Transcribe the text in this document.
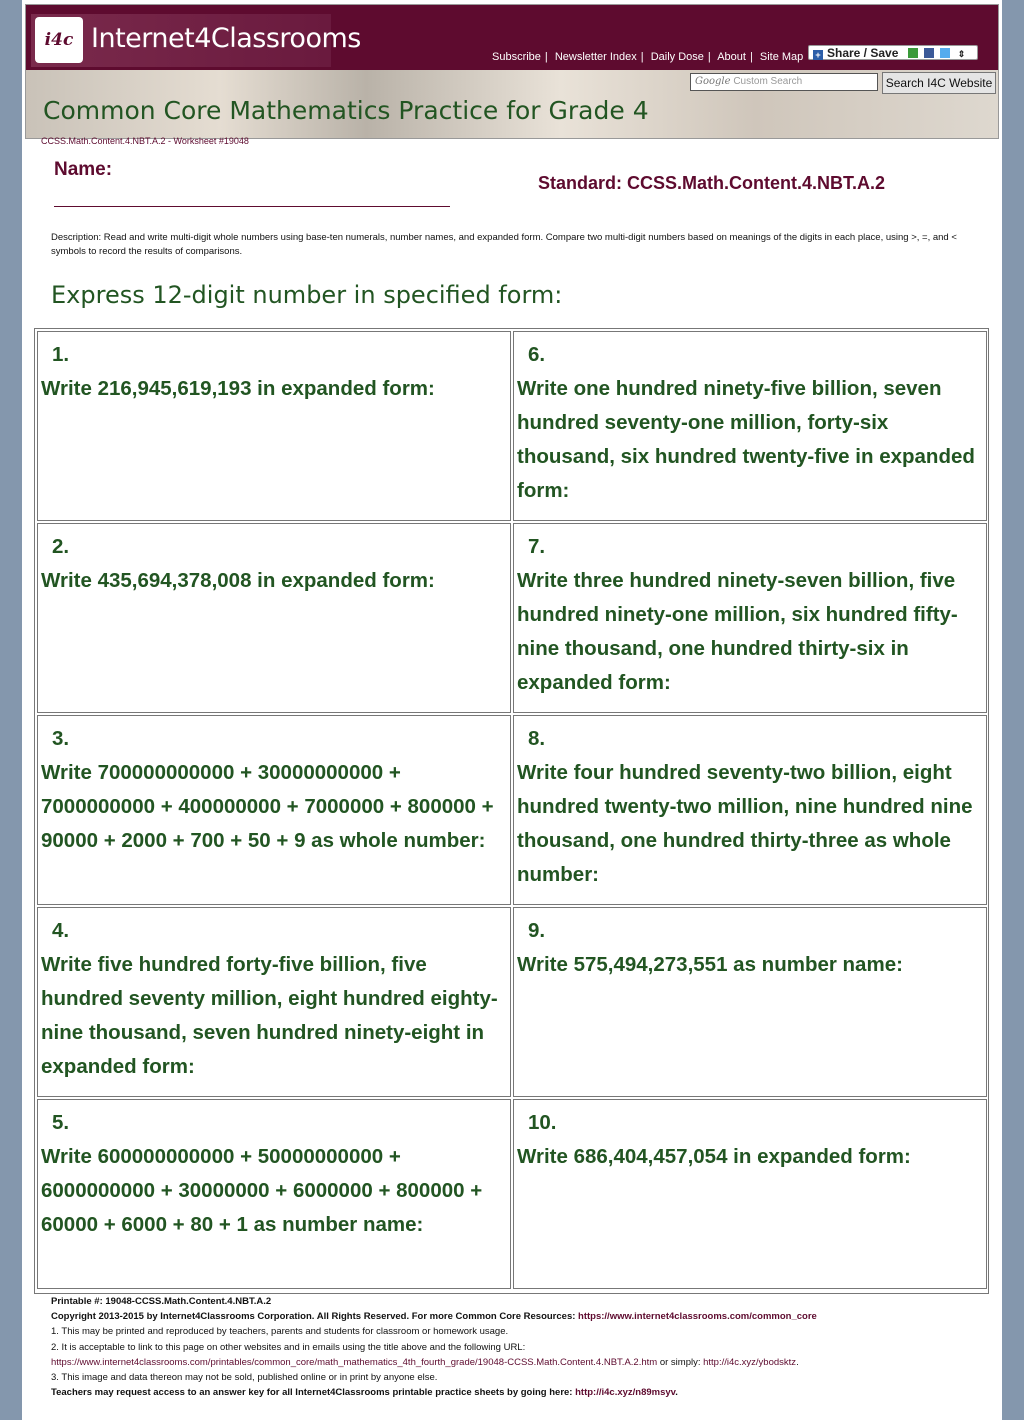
i4c Internet4Classrooms
Subscribe | Newsletter Index | Daily Dose | About | Site Map	+ Share / Save	⇕
Google Custom Search	Search I4C Website
Common Core Mathematics Practice for Grade 4
CCSS.Math.Content.4.NBT.A.2 - Worksheet #19048
Name:
Standard: CCSS.Math.Content.4.NBT.A.2
Description: Read and write multi-digit whole numbers using base-ten numerals, number names, and expanded form. Compare two multi-digit numbers based on meanings of the digits in each place, using >, =, and < symbols to record the results of comparisons.
Express 12-digit number in specified form:
1.
Write 216,945,619,193 in expanded form:
2.
Write 435,694,378,008 in expanded form:
3.
Write 700000000000 + 30000000000 + 7000000000 + 400000000 + 7000000 + 800000 + 90000 + 2000 + 700 + 50 + 9 as whole number:
4.
Write five hundred forty-five billion, five hundred seventy million, eight hundred eighty-nine thousand, seven hundred ninety-eight in expanded form:
5.
Write 600000000000 + 50000000000 + 6000000000 + 30000000 + 6000000 + 800000 + 60000 + 6000 + 80 + 1 as number name:
6.
Write one hundred ninety-five billion, seven hundred seventy-one million, forty-six thousand, six hundred twenty-five in expanded form:
7.
Write three hundred ninety-seven billion, five hundred ninety-one million, six hundred fifty-nine thousand, one hundred thirty-six in expanded form:
8.
Write four hundred seventy-two billion, eight hundred twenty-two million, nine hundred nine thousand, one hundred thirty-three as whole number:
9.
Write 575,494,273,551 as number name:
10.
Write 686,404,457,054 in expanded form:
Printable #: 19048-CCSS.Math.Content.4.NBT.A.2
Copyright 2013-2015 by Internet4Classrooms Corporation. All Rights Reserved. For more Common Core Resources: https://www.internet4classrooms.com/common_core
1. This may be printed and reproduced by teachers, parents and students for classroom or homework usage.
2. It is acceptable to link to this page on other websites and in emails using the title above and the following URL:
https://www.internet4classrooms.com/printables/common_core/math_mathematics_4th_fourth_grade/19048-CCSS.Math.Content.4.NBT.A.2.htm or simply: http://i4c.xyz/ybodsktz.
3. This image and data thereon may not be sold, published online or in print by anyone else.
Teachers may request access to an answer key for all Internet4Classrooms printable practice sheets by going here: http://i4c.xyz/n89msyv.
